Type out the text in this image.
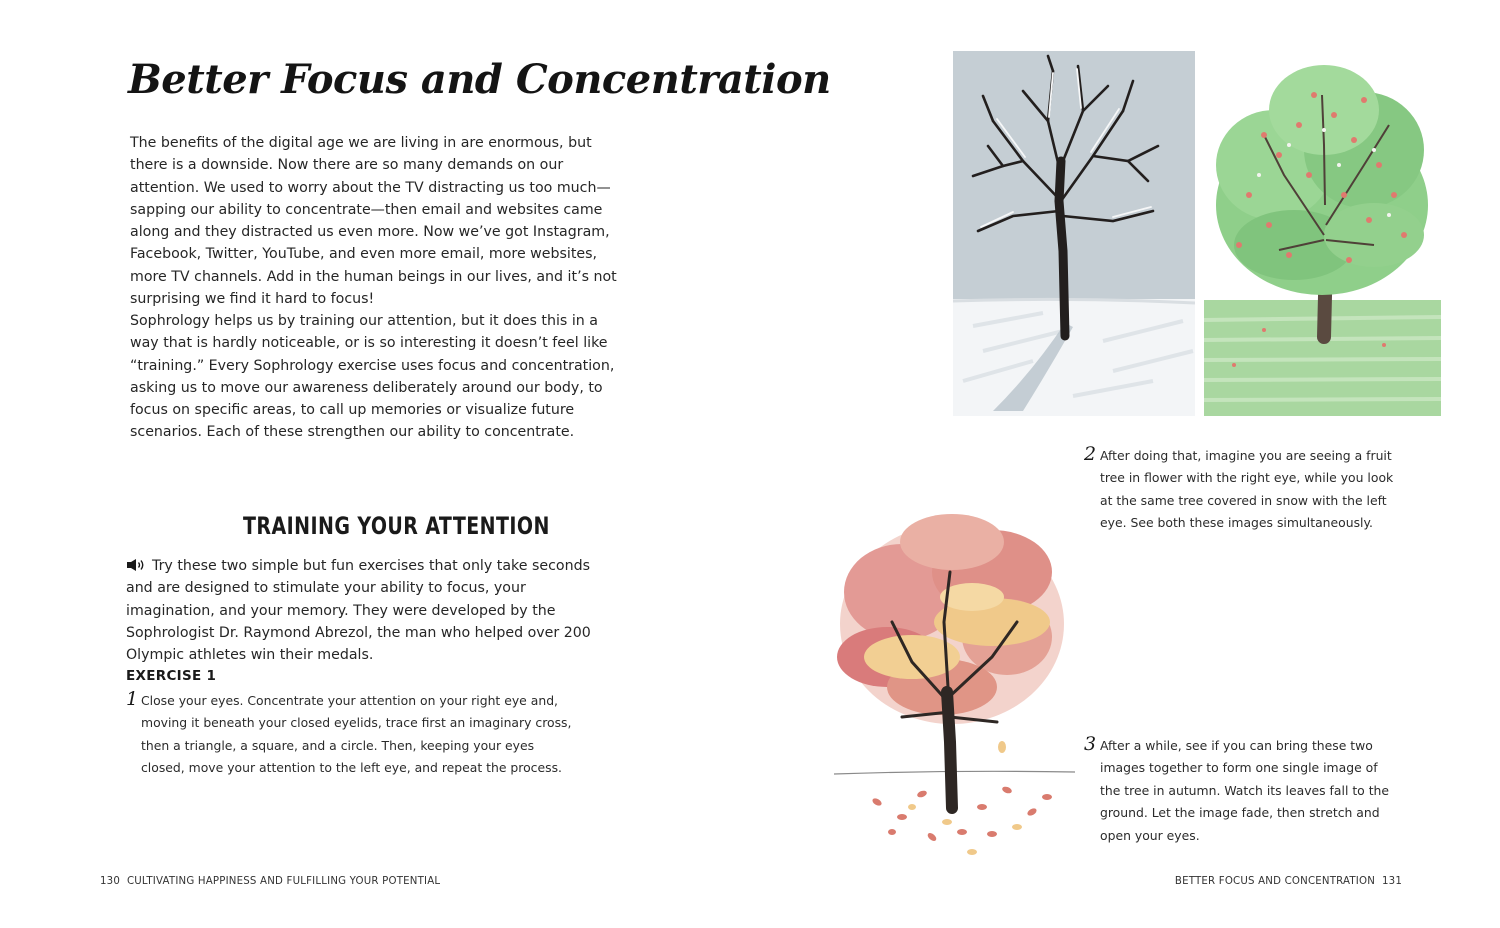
Better Focus and Concentration

The benefits of the digital age we are living in are enormous, but there is a downside. Now there are so many demands on our attention. We used to worry about the TV distracting us too much—sapping our ability to concentrate—then email and websites came along and they distracted us even more. Now we’ve got Instagram, Facebook, Twitter, YouTube, and even more email, more websites, more TV channels. Add in the human beings in our lives, and it’s not surprising we find it hard to focus!

Sophrology helps us by training our attention, but it does this in a way that is hardly noticeable, or is so interesting it doesn’t feel like “training.” Every Sophrology exercise uses focus and concentration, asking us to move our awareness deliberately around our body, to focus on specific areas, to call up memories or visualize future scenarios. Each of these strengthen our ability to concentrate.

TRAINING YOUR ATTENTION

Try these two simple but fun exercises that only take seconds and are designed to stimulate your ability to focus, your imagination, and your memory. They were developed by the Sophrologist Dr. Raymond Abrezol, the man who helped over 200 Olympic athletes win their medals.

EXERCISE 1

1 Close your eyes. Concentrate your attention on your right eye and, moving it beneath your closed eyelids, trace first an imaginary cross, then a triangle, a square, and a circle. Then, keeping your eyes closed, move your attention to the left eye, and repeat the process.

130 CULTIVATING HAPPINESS AND FULFILLING YOUR POTENTIAL

2 After doing that, imagine you are seeing a fruit tree in flower with the right eye, while you look at the same tree covered in snow with the left eye. See both these images simultaneously.

3 After a while, see if you can bring these two images together to form one single image of the tree in autumn. Watch its leaves fall to the ground. Let the image fade, then stretch and open your eyes.

BETTER FOCUS AND CONCENTRATION 131
